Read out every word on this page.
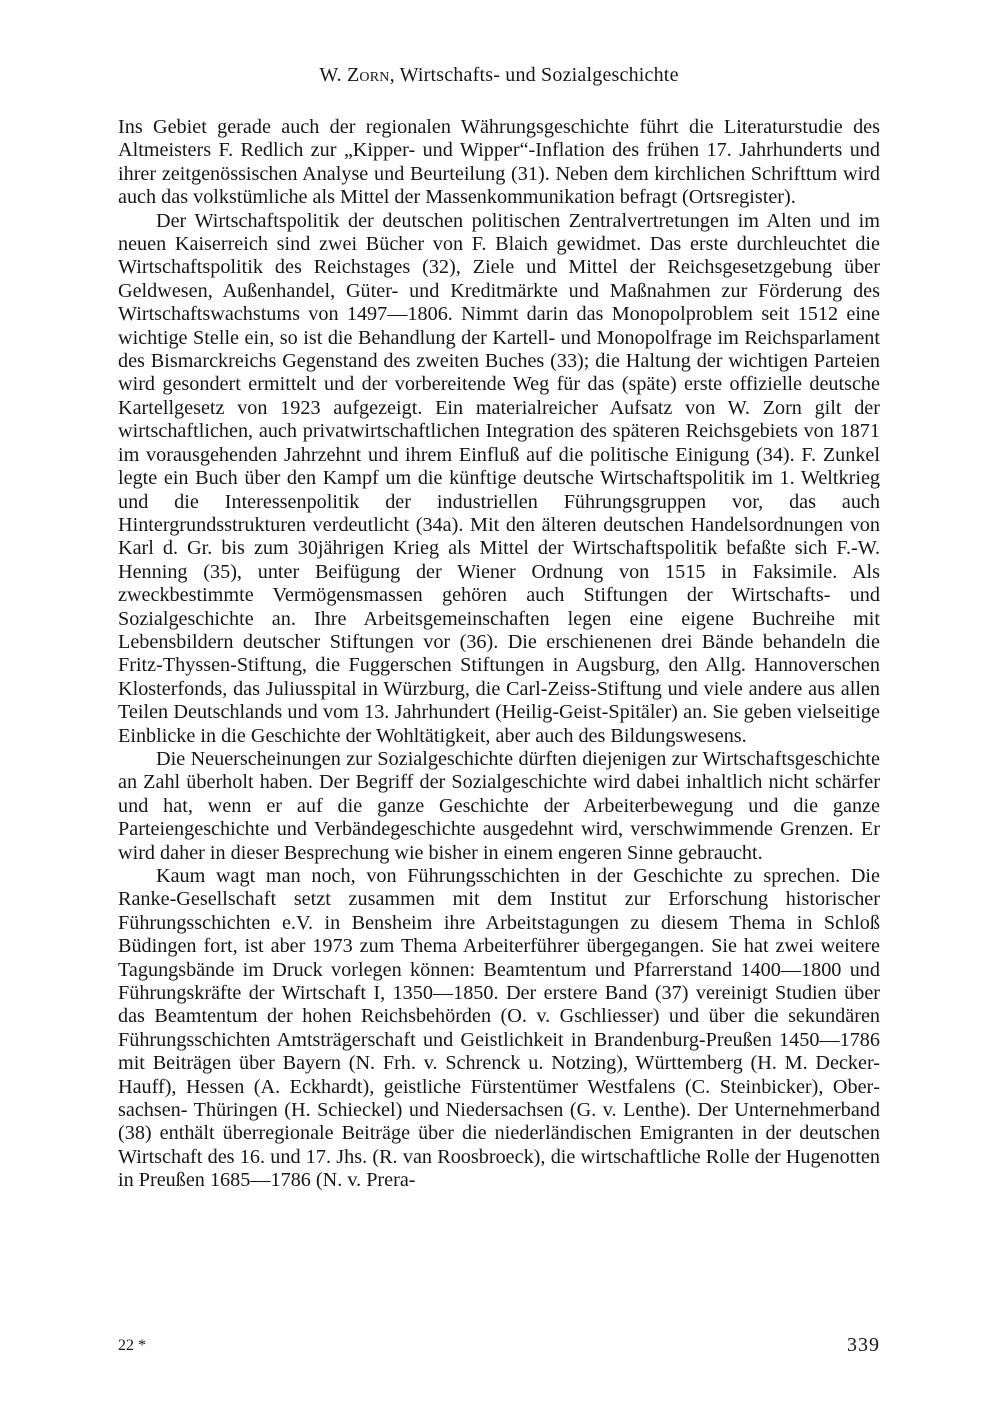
W. Zorn, Wirtschafts- und Sozialgeschichte

Ins Gebiet gerade auch der regionalen Währungsgeschichte führt die Literaturstudie des Altmeisters F. Redlich zur „Kipper- und Wipper“-Inflation des frühen 17. Jahrhunderts und ihrer zeitgenössischen Analyse und Beurteilung (31). Neben dem kirchlichen Schrifttum wird auch das volkstümliche als Mittel der Massenkommunikation befragt (Ortsregister).

Der Wirtschaftspolitik der deutschen politischen Zentralvertretungen im Alten und im neuen Kaiserreich sind zwei Bücher von F. Blaich gewidmet. Das erste durchleuchtet die Wirtschaftspolitik des Reichstages (32), Ziele und Mittel der Reichsgesetzgebung über Geldwesen, Außenhandel, Güter- und Kreditmärkte und Maßnahmen zur Förderung des Wirtschaftswachstums von 1497—1806. Nimmt darin das Monopolproblem seit 1512 eine wichtige Stelle ein, so ist die Behandlung der Kartell- und Monopolfrage im Reichsparlament des Bismarckreichs Gegenstand des zweiten Buches (33); die Haltung der wichtigen Parteien wird gesondert ermittelt und der vorbereitende Weg für das (späte) erste offizielle deutsche Kartellgesetz von 1923 aufgezeigt. Ein materialreicher Aufsatz von W. Zorn gilt der wirtschaftlichen, auch privatwirtschaftlichen Integration des späteren Reichsgebiets von 1871 im vorausgehenden Jahrzehnt und ihrem Einfluß auf die politische Einigung (34). F. Zunkel legte ein Buch über den Kampf um die künftige deutsche Wirtschaftspolitik im 1. Weltkrieg und die Interessenpolitik der industriellen Führungsgruppen vor, das auch Hintergrundsstrukturen verdeutlicht (34a). Mit den älteren deutschen Handelsordnungen von Karl d. Gr. bis zum 30jährigen Krieg als Mittel der Wirtschaftspolitik befaßte sich F.-W. Henning (35), unter Beifügung der Wiener Ordnung von 1515 in Faksimile. Als zweckbestimmte Vermögensmassen gehören auch Stiftungen der Wirtschafts- und Sozialgeschichte an. Ihre Arbeitsgemeinschaften legen eine eigene Buchreihe mit Lebensbildern deutscher Stiftungen vor (36). Die erschienenen drei Bände behandeln die Fritz-Thyssen-Stiftung, die Fuggerschen Stiftungen in Augsburg, den Allg. Hannoverschen Klosterfonds, das Juliusspital in Würzburg, die Carl-Zeiss-Stiftung und viele andere aus allen Teilen Deutschlands und vom 13. Jahrhundert (Heilig-Geist-Spitäler) an. Sie geben vielseitige Einblicke in die Geschichte der Wohltätigkeit, aber auch des Bildungswesens.

Die Neuerscheinungen zur Sozialgeschichte dürften diejenigen zur Wirtschaftsgeschichte an Zahl überholt haben. Der Begriff der Sozialgeschichte wird dabei inhaltlich nicht schärfer und hat, wenn er auf die ganze Geschichte der Arbeiterbewegung und die ganze Parteiengeschichte und Verbändegeschichte ausgedehnt wird, verschwimmende Grenzen. Er wird daher in dieser Besprechung wie bisher in einem engeren Sinne gebraucht.

Kaum wagt man noch, von Führungsschichten in der Geschichte zu sprechen. Die Ranke-Gesellschaft setzt zusammen mit dem Institut zur Erforschung historischer Führungsschichten e.V. in Bensheim ihre Arbeitstagungen zu diesem Thema in Schloß Büdingen fort, ist aber 1973 zum Thema Arbeiterführer übergegangen. Sie hat zwei weitere Tagungsbände im Druck vorlegen können: Beamtentum und Pfarrerstand 1400—1800 und Führungskräfte der Wirtschaft I, 1350—1850. Der erstere Band (37) vereinigt Studien über das Beamtentum der hohen Reichsbehörden (O. v. Gschliesser) und über die sekundären Führungsschichten Amtsträgerschaft und Geistlichkeit in Brandenburg-Preußen 1450—1786 mit Beiträgen über Bayern (N. Frh. v. Schrenck u. Notzing), Württemberg (H. M. Decker-Hauff), Hessen (A. Eckhardt), geistliche Fürstentümer Westfalens (C. Steinbicker), Obersachsen- Thüringen (H. Schieckel) und Niedersachsen (G. v. Lenthe). Der Unternehmerband (38) enthält überregionale Beiträge über die niederländischen Emigranten in der deutschen Wirtschaft des 16. und 17. Jhs. (R. van Roosbroeck), die wirtschaftliche Rolle der Hugenotten in Preußen 1685—1786 (N. v. Prera-

22 *	339
